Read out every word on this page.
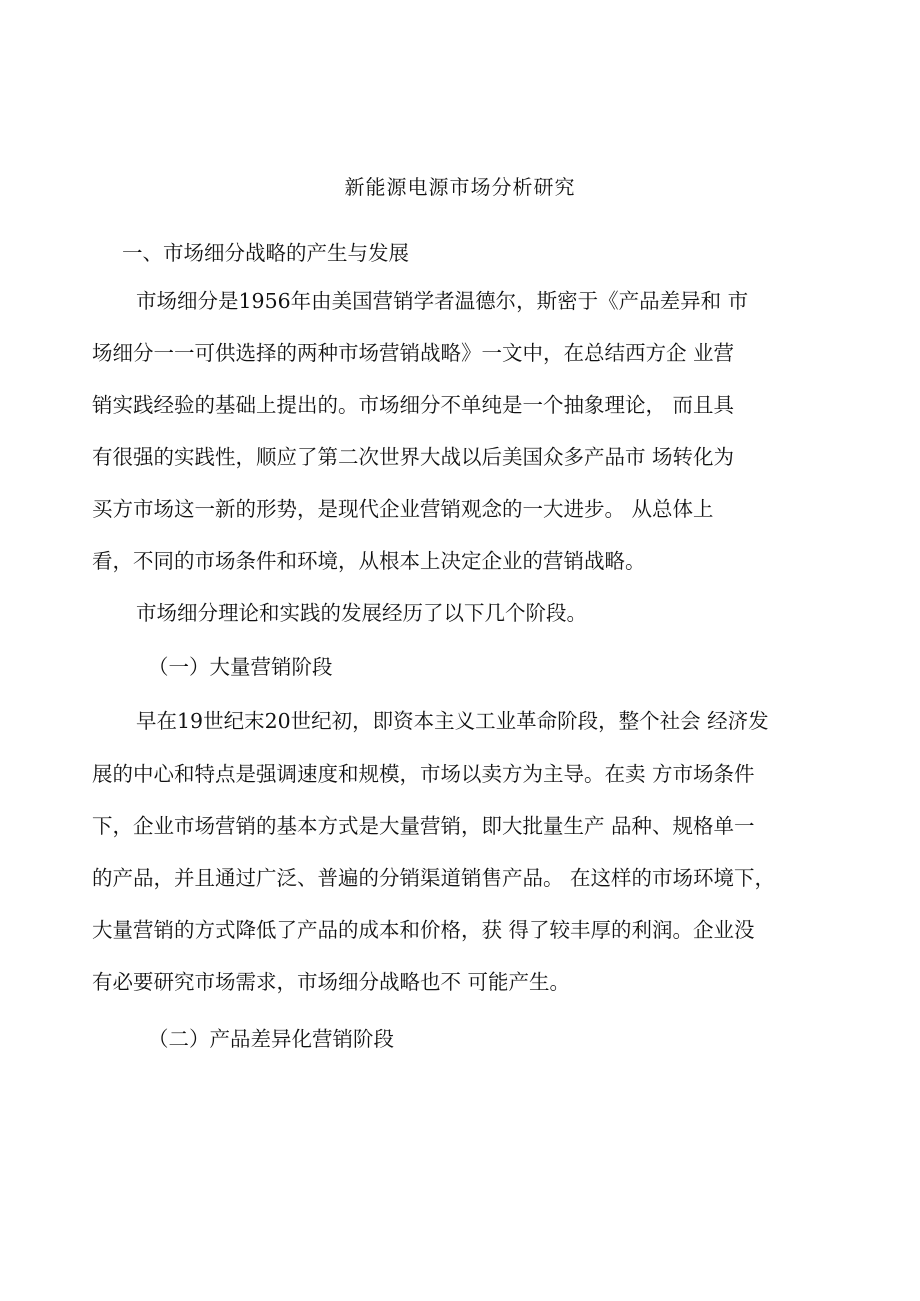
新能源电源市场分析研究
一、市场细分战略的产生与发展
市场细分是1956年由美国营销学者温德尔，斯密于《产品差异和 市
场细分一一可供选择的两种市场营销战略》一文中，在总结西方企 业营
销实践经验的基础上提出的。市场细分不单纯是一个抽象理论， 而且具
有很强的实践性，顺应了第二次世界大战以后美国众多产品市 场转化为
买方市场这一新的形势，是现代企业营销观念的一大进步。 从总体上
看，不同的市场条件和环境，从根本上决定企业的营销战略。
市场细分理论和实践的发展经历了以下几个阶段。
（一）大量营销阶段
早在19世纪末20世纪初，即资本主义工业革命阶段，整个社会 经济发
展的中心和特点是强调速度和规模，市场以卖方为主导。在卖 方市场条件
下，企业市场营销的基本方式是大量营销，即大批量生产 品种、规格单一
的产品，并且通过广泛、普遍的分销渠道销售产品。 在这样的市场环境下，
大量营销的方式降低了产品的成本和价格，获 得了较丰厚的利润。企业没
有必要研究市场需求，市场细分战略也不 可能产生。
（二）产品差异化营销阶段
